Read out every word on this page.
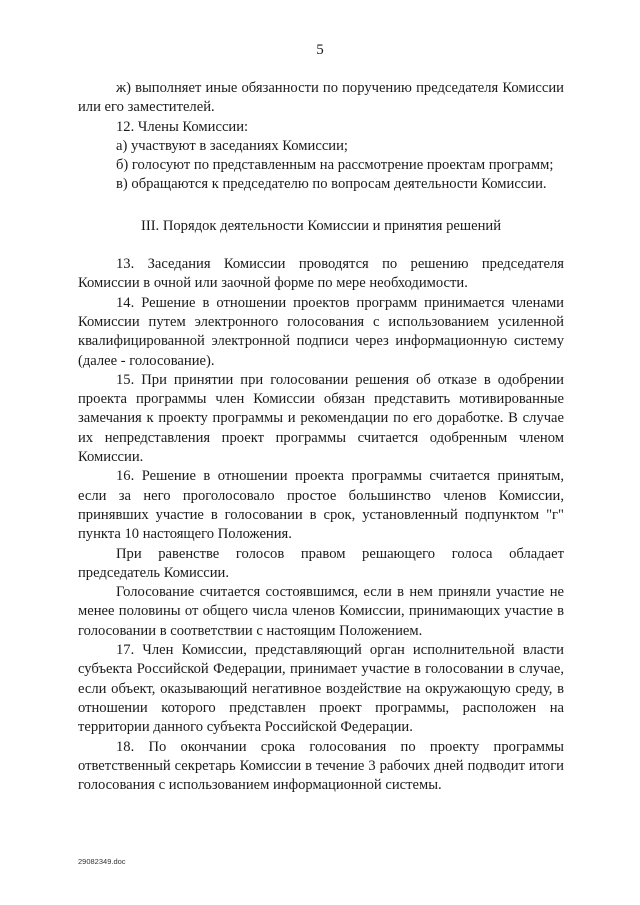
5

ж) выполняет иные обязанности по поручению председателя Комиссии или его заместителей.

12. Члены Комиссии:

а) участвуют в заседаниях Комиссии;

б) голосуют по представленным на рассмотрение проектам программ;

в) обращаются к председателю по вопросам деятельности Комиссии.

III. Порядок деятельности Комиссии и принятия решений

13. Заседания Комиссии проводятся по решению председателя Комиссии в очной или заочной форме по мере необходимости.

14. Решение в отношении проектов программ принимается членами Комиссии путем электронного голосования с использованием усиленной квалифицированной электронной подписи через информационную систему (далее - голосование).

15. При принятии при голосовании решения об отказе в одобрении проекта программы член Комиссии обязан представить мотивированные замечания к проекту программы и рекомендации по его доработке. В случае их непредставления проект программы считается одобренным членом Комиссии.

16. Решение в отношении проекта программы считается принятым, если за него проголосовало простое большинство членов Комиссии, принявших участие в голосовании в срок, установленный подпунктом "г" пункта 10 настоящего Положения.

При равенстве голосов правом решающего голоса обладает председатель Комиссии.

Голосование считается состоявшимся, если в нем приняли участие не менее половины от общего числа членов Комиссии, принимающих участие в голосовании в соответствии с настоящим Положением.

17. Член Комиссии, представляющий орган исполнительной власти субъекта Российской Федерации, принимает участие в голосовании в случае, если объект, оказывающий негативное воздействие на окружающую среду, в отношении которого представлен проект программы, расположен на территории данного субъекта Российской Федерации.

18. По окончании срока голосования по проекту программы ответственный секретарь Комиссии в течение 3 рабочих дней подводит итоги голосования с использованием информационной системы.

29082349.doc
